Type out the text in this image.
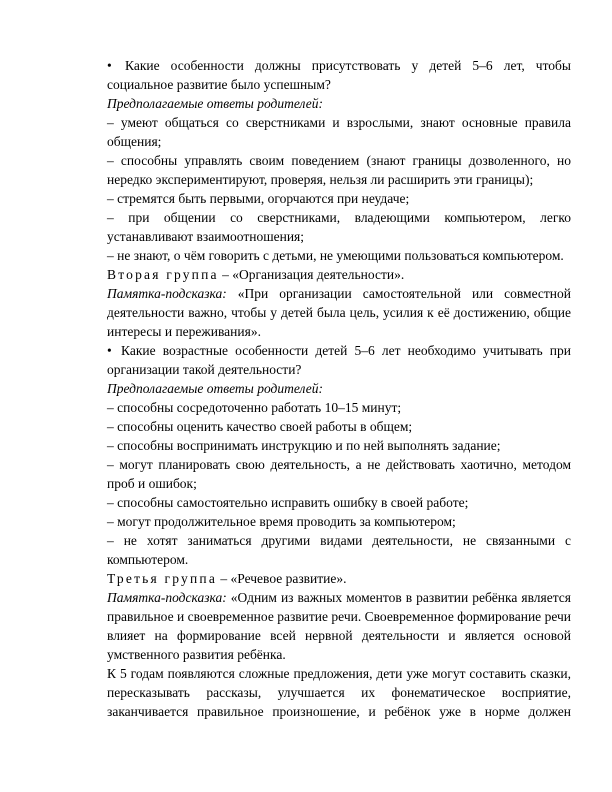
• Какие особенности должны присутствовать у детей 5–6 лет, чтобы социальное развитие было успешным?

Предполагаемые ответы родителей:

– умеют общаться со сверстниками и взрослыми, знают основные правила общения;

– способны управлять своим поведением (знают границы дозволенного, но нередко экспериментируют, проверяя, нельзя ли расширить эти границы);

– стремятся быть первыми, огорчаются при неудаче;

– при общении со сверстниками, владеющими компьютером, легко устанавливают взаимоотношения;

– не знают, о чём говорить с детьми, не умеющими пользоваться компьютером.

Вторая группа – «Организация деятельности».

Памятка-подсказка: «При организации самостоятельной или совместной деятельности важно, чтобы у детей была цель, усилия к её достижению, общие интересы и переживания».

• Какие возрастные особенности детей 5–6 лет необходимо учитывать при организации такой деятельности?

Предполагаемые ответы родителей:

– способны сосредоточенно работать 10–15 минут;

– способны оценить качество своей работы в общем;

– способны воспринимать инструкцию и по ней выполнять задание;

– могут планировать свою деятельность, а не действовать хаотично, методом проб и ошибок;

– способны самостоятельно исправить ошибку в своей работе;

– могут продолжительное время проводить за компьютером;

– не хотят заниматься другими видами деятельности, не связанными с компьютером.

Третья группа – «Речевое развитие».

Памятка-подсказка: «Одним из важных моментов в развитии ребёнка является правильное и своевременное развитие речи. Своевременное формирование речи влияет на формирование всей нервной деятельности и является основой умственного развития ребёнка.

К 5 годам появляются сложные предложения, дети уже могут составить сказки, пересказывать рассказы, улучшается их фонематическое восприятие, заканчивается правильное произношение, и ребёнок уже в норме должен
